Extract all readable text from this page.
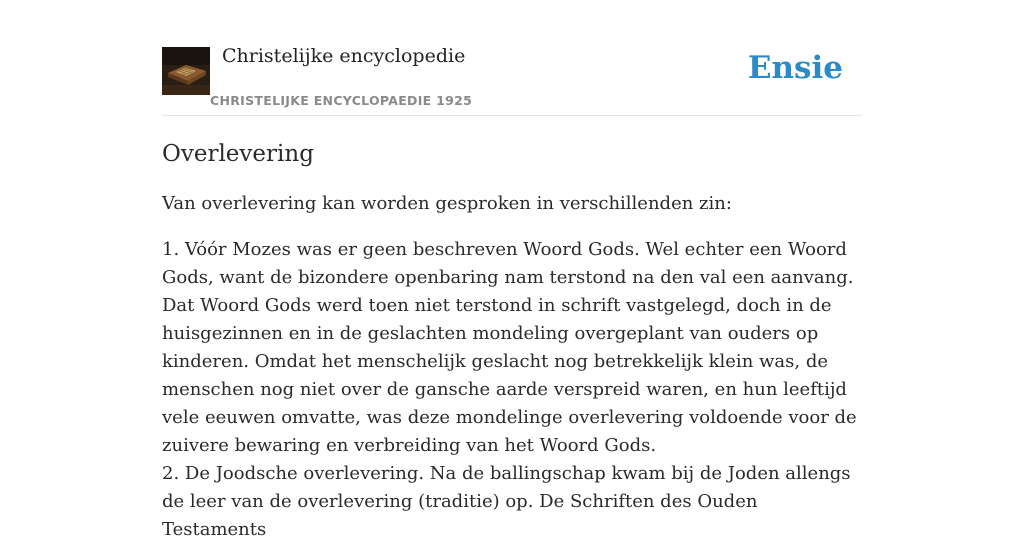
Christelijke encyclopedie
CHRISTELIJKE ENCYCLOPAEDIE 1925
Ensie
Overlevering

Van overlevering kan worden gesproken in verschillenden zin:

1. Vóór Mozes was er geen beschreven Woord Gods. Wel echter een Woord Gods, want de bizondere openbaring nam terstond na den val een aanvang. Dat Woord Gods werd toen niet terstond in schrift vastgelegd, doch in de huisgezinnen en in de geslachten mondeling overgeplant van ouders op kinderen. Omdat het menschelijk geslacht nog betrekkelijk klein was, de menschen nog niet over de gansche aarde verspreid waren, en hun leeftijd vele eeuwen omvatte, was deze mondelinge overlevering voldoende voor de zuivere bewaring en verbreiding van het Woord Gods.
2. De Joodsche overlevering. Na de ballingschap kwam bij de Joden allengs de leer van de overlevering (traditie) op. De Schriften des Ouden Testaments
